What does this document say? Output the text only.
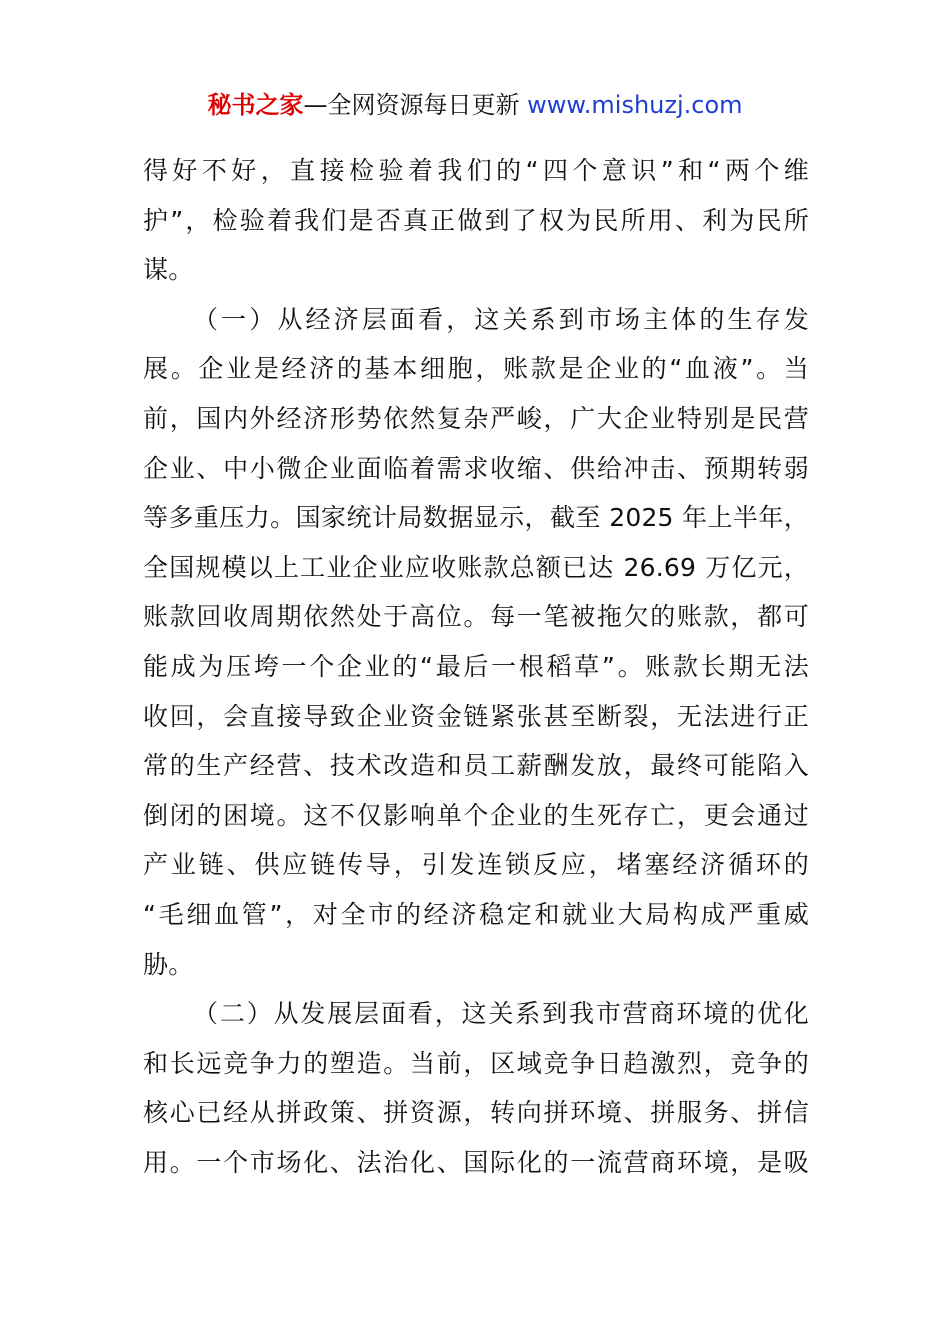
秘书之家—全网资源每日更新 www.mishuzj.com
得好不好，直接检验着我们的“四个意识”和“两个维
护”，检验着我们是否真正做到了权为民所用、利为民所
谋。
（一）从经济层面看，这关系到市场主体的生存发
展。企业是经济的基本细胞，账款是企业的“血液”。当
前，国内外经济形势依然复杂严峻，广大企业特别是民营
企业、中小微企业面临着需求收缩、供给冲击、预期转弱
等多重压力。国家统计局数据显示，截至 2025 年上半年，
全国规模以上工业企业应收账款总额已达 26.69 万亿元，
账款回收周期依然处于高位。每一笔被拖欠的账款，都可
能成为压垮一个企业的“最后一根稻草”。账款长期无法
收回，会直接导致企业资金链紧张甚至断裂，无法进行正
常的生产经营、技术改造和员工薪酬发放，最终可能陷入
倒闭的困境。这不仅影响单个企业的生死存亡，更会通过
产业链、供应链传导，引发连锁反应，堵塞经济循环的
“毛细血管”，对全市的经济稳定和就业大局构成严重威
胁。
（二）从发展层面看，这关系到我市营商环境的优化
和长远竞争力的塑造。当前，区域竞争日趋激烈，竞争的
核心已经从拼政策、拼资源，转向拼环境、拼服务、拼信
用。一个市场化、法治化、国际化的一流营商环境，是吸
